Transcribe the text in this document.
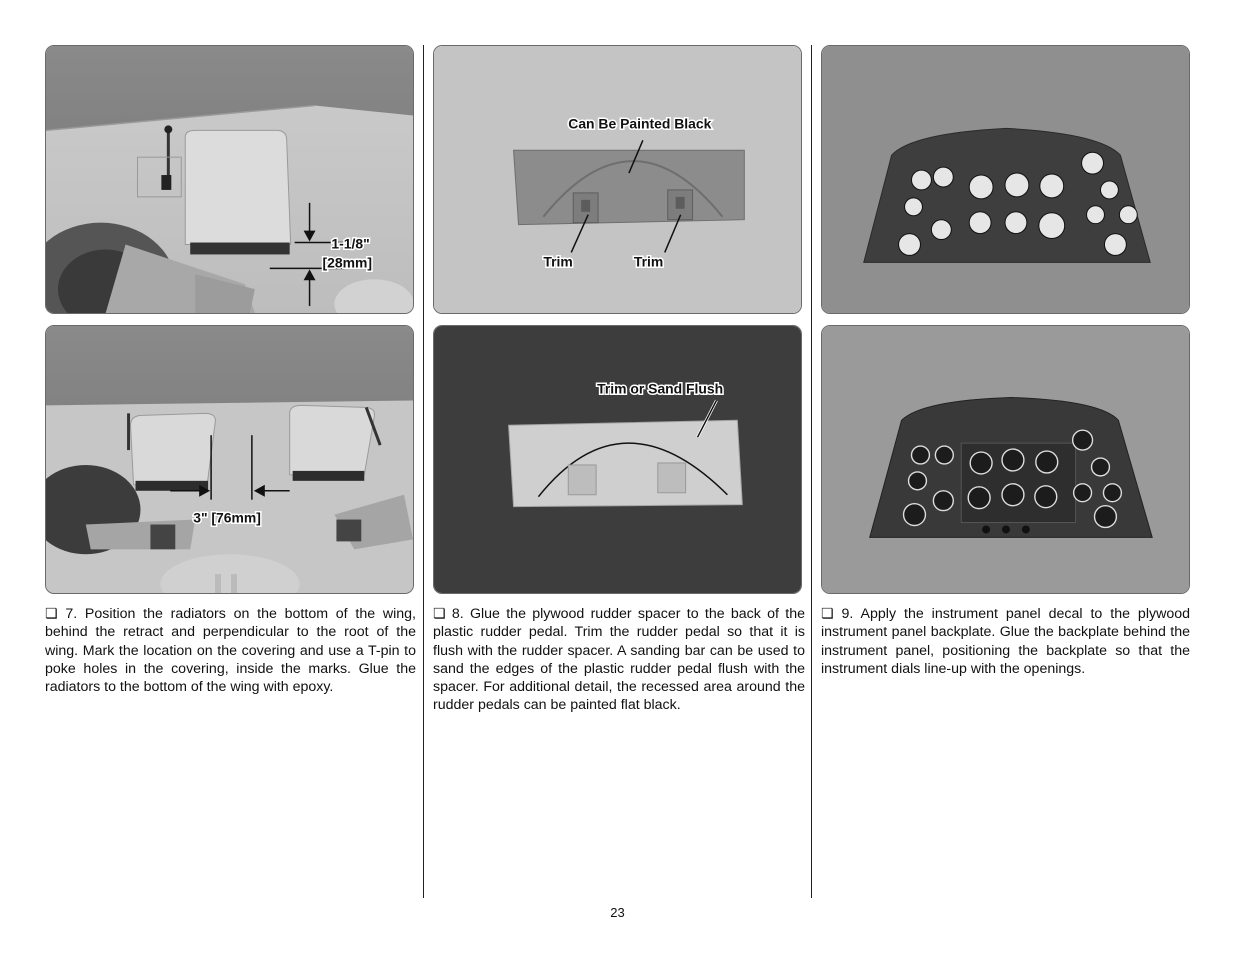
1-1/8"
[28mm]
3" [76mm]
Can Be Painted Black
Trim	Trim
Trim or Sand Flush

❏ 7. Position the radiators on the bottom of the wing, behind the retract and perpendicular to the root of the wing. Mark the location on the covering and use a T-pin to poke holes in the covering, inside the marks. Glue the radiators to the bottom of the wing with epoxy.

❏ 8. Glue the plywood rudder spacer to the back of the plastic rudder pedal. Trim the rudder pedal so that it is flush with the rudder spacer. A sanding bar can be used to sand the edges of the plastic rudder pedal flush with the spacer. For additional detail, the recessed area around the rudder pedals can be painted flat black.

❏ 9. Apply the instrument panel decal to the plywood instrument panel backplate. Glue the backplate behind the instrument panel, positioning the backplate so that the instrument dials line-up with the openings.

23
